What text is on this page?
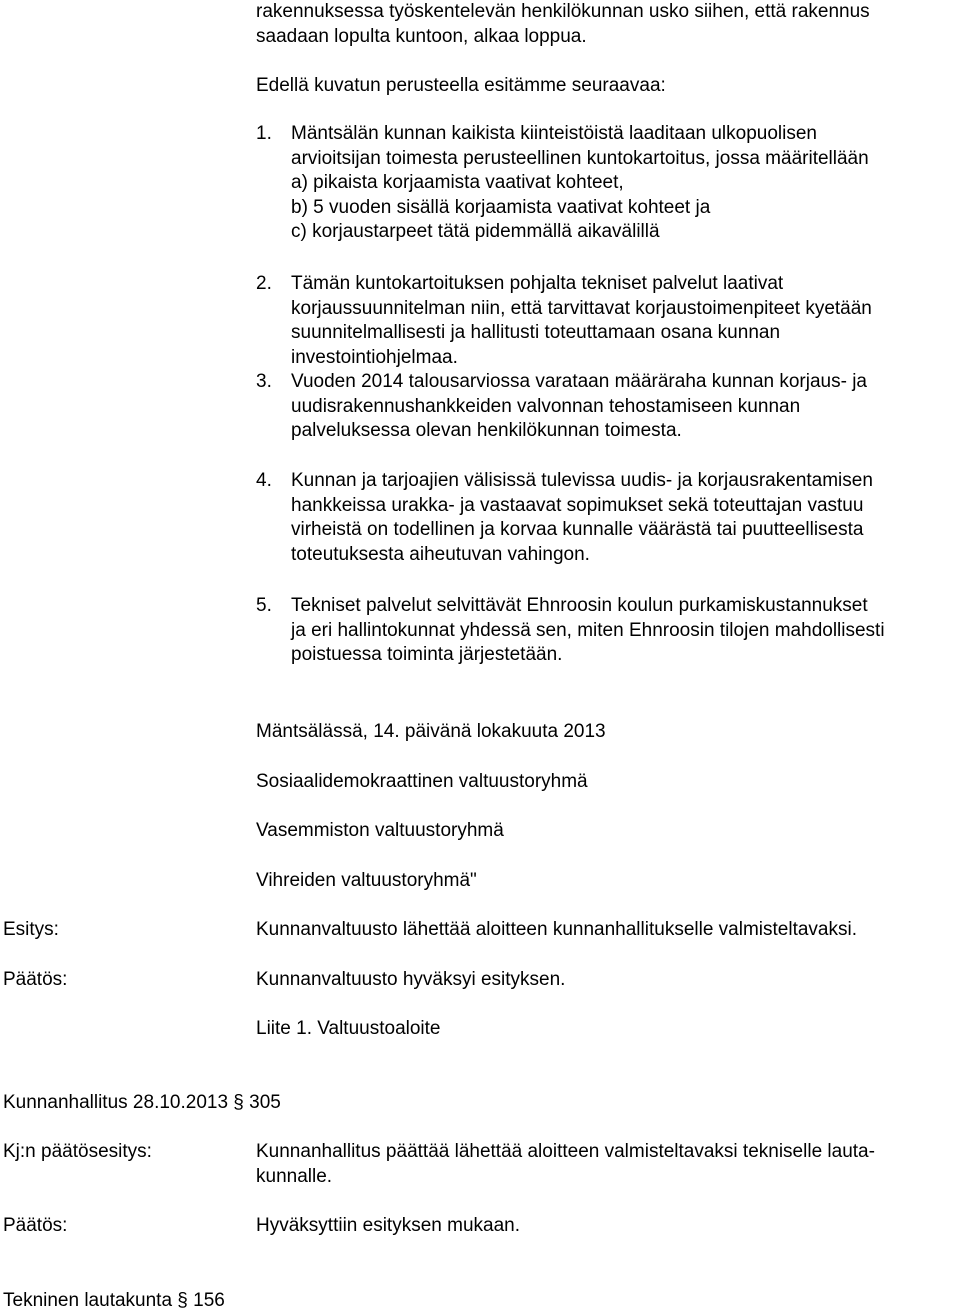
rakennuksessa työskentelevän henkilökunnan usko siihen, että rakennus
saadaan lopulta kuntoon, alkaa loppua.
Edellä kuvatun perusteella esitämme seuraavaa:
1.	Mäntsälän kunnan kaikista kiinteistöistä laaditaan ulkopuolisen
arvioitsijan toimesta perusteellinen kuntokartoitus, jossa määritellään
a) pikaista korjaamista vaativat kohteet,
b) 5 vuoden sisällä korjaamista vaativat kohteet ja
c) korjaustarpeet tätä pidemmällä aikavälillä
2.	Tämän kuntokartoituksen pohjalta tekniset palvelut laativat
korjaussuunnitelman niin, että tarvittavat korjaustoimenpiteet kyetään
suunnitelmallisesti ja hallitusti toteuttamaan osana kunnan
investointiohjelmaa.
3.	Vuoden 2014 talousarviossa varataan määräraha kunnan korjaus- ja
uudisrakennushankkeiden valvonnan tehostamiseen kunnan
palveluksessa olevan henkilökunnan toimesta.
4.	Kunnan ja tarjoajien välisissä tulevissa uudis- ja korjausrakentamisen
hankkeissa urakka- ja vastaavat sopimukset sekä toteuttajan vastuu
virheistä on todellinen ja korvaa kunnalle väärästä tai puutteellisesta
toteutuksesta aiheutuvan vahingon.
5.	Tekniset palvelut selvittävät Ehnroosin koulun purkamiskustannukset
ja eri hallintokunnat yhdessä sen, miten Ehnroosin tilojen mahdollisesti
poistuessa toiminta järjestetään.
Mäntsälässä, 14. päivänä lokakuuta 2013
Sosiaalidemokraattinen valtuustoryhmä
Vasemmiston valtuustoryhmä
Vihreiden valtuustoryhmä"
Esitys:	Kunnanvaltuusto lähettää aloitteen kunnanhallitukselle valmisteltavaksi.
Päätös:	Kunnanvaltuusto hyväksyi esityksen.
Liite 1. Valtuustoaloite
Kunnanhallitus 28.10.2013 § 305
Kj:n päätösesitys:	Kunnanhallitus päättää lähettää aloitteen valmisteltavaksi tekniselle lauta-
kunnalle.
Päätös:	Hyväksyttiin esityksen mukaan.
Tekninen lautakunta § 156
